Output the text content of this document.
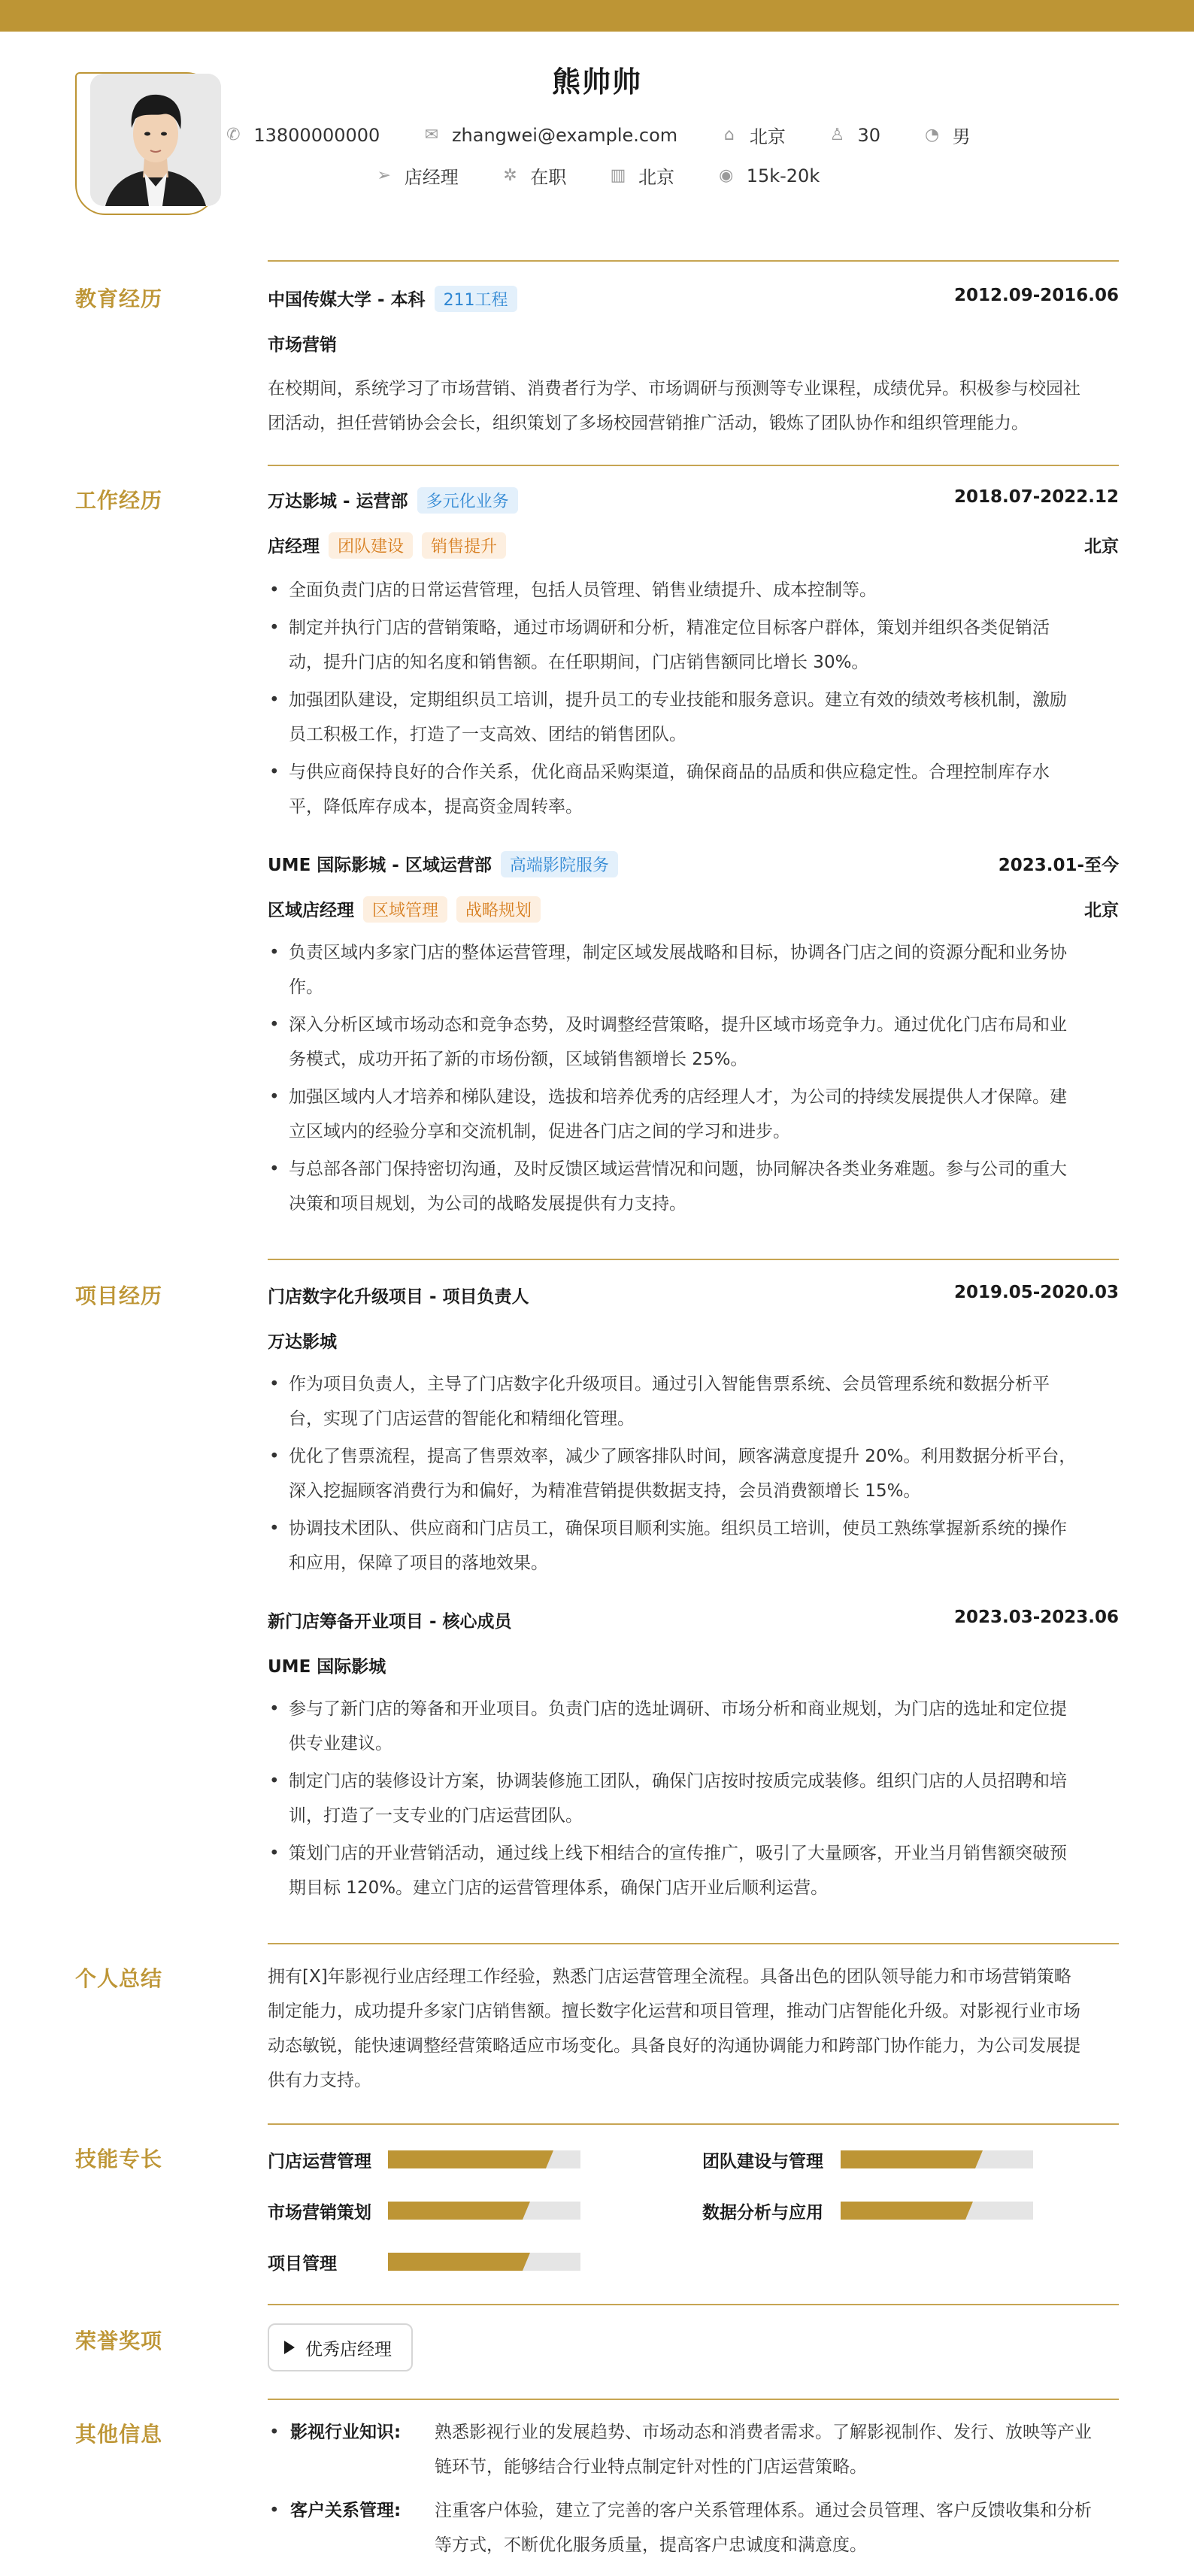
熊帅帅
✆ 13800000000
	✉ zhangwei@example.com
	⌂ 北京
	♙ 30
	◔ 男
➢ 店经理
	✲ 在职
	▥ 北京
	◉ 15k-20k
教育经历	中国传媒大学 - 本科 211工程	2012.09-2016.06
市场营销
在校期间，系统学习了市场营销、消费者行为学、市场调研与预测等专业课程，成绩优异。积极参与校园社
团活动，担任营销协会会长，组织策划了多场校园营销推广活动，锻炼了团队协作和组织管理能力。
工作经历	万达影城 - 运营部 多元化业务	2018.07-2022.12
店经理 团队建设 销售提升	北京
• 全面负责门店的日常运营管理，包括人员管理、销售业绩提升、成本控制等。
• 制定并执行门店的营销策略，通过市场调研和分析，精准定位目标客户群体，策划并组织各类促销活
动，提升门店的知名度和销售额。在任职期间，门店销售额同比增长 30%。
• 加强团队建设，定期组织员工培训，提升员工的专业技能和服务意识。建立有效的绩效考核机制，激励
员工积极工作，打造了一支高效、团结的销售团队。
• 与供应商保持良好的合作关系，优化商品采购渠道，确保商品的品质和供应稳定性。合理控制库存水
平，降低库存成本，提高资金周转率。
UME 国际影城 - 区域运营部 高端影院服务	2023.01-至今
区域店经理 区域管理 战略规划	北京
• 负责区域内多家门店的整体运营管理，制定区域发展战略和目标，协调各门店之间的资源分配和业务协
作。
• 深入分析区域市场动态和竞争态势，及时调整经营策略，提升区域市场竞争力。通过优化门店布局和业
务模式，成功开拓了新的市场份额，区域销售额增长 25%。
• 加强区域内人才培养和梯队建设，选拔和培养优秀的店经理人才，为公司的持续发展提供人才保障。建
立区域内的经验分享和交流机制，促进各门店之间的学习和进步。
• 与总部各部门保持密切沟通，及时反馈区域运营情况和问题，协同解决各类业务难题。参与公司的重大
决策和项目规划，为公司的战略发展提供有力支持。
项目经历	门店数字化升级项目 - 项目负责人	2019.05-2020.03
万达影城
• 作为项目负责人，主导了门店数字化升级项目。通过引入智能售票系统、会员管理系统和数据分析平
台，实现了门店运营的智能化和精细化管理。
• 优化了售票流程，提高了售票效率，减少了顾客排队时间，顾客满意度提升 20%。利用数据分析平台，
深入挖掘顾客消费行为和偏好，为精准营销提供数据支持，会员消费额增长 15%。
• 协调技术团队、供应商和门店员工，确保项目顺利实施。组织员工培训，使员工熟练掌握新系统的操作
和应用，保障了项目的落地效果。
新门店筹备开业项目 - 核心成员	2023.03-2023.06
UME 国际影城
• 参与了新门店的筹备和开业项目。负责门店的选址调研、市场分析和商业规划，为门店的选址和定位提
供专业建议。
• 制定门店的装修设计方案，协调装修施工团队，确保门店按时按质完成装修。组织门店的人员招聘和培
训，打造了一支专业的门店运营团队。
• 策划门店的开业营销活动，通过线上线下相结合的宣传推广，吸引了大量顾客，开业当月销售额突破预
期目标 120%。建立门店的运营管理体系，确保门店开业后顺利运营。
个人总结	拥有[X]年影视行业店经理工作经验，熟悉门店运营管理全流程。具备出色的团队领导能力和市场营销策略
制定能力，成功提升多家门店销售额。擅长数字化运营和项目管理，推动门店智能化升级。对影视行业市场
动态敏锐，能快速调整经营策略适应市场变化。具备良好的沟通协调能力和跨部门协作能力，为公司发展提
供有力支持。
技能专长	门店运营管理	团队建设与管理
市场营销策划	数据分析与应用
项目管理
荣誉奖项	优秀店经理
其他信息	• 影视行业知识: 熟悉影视行业的发展趋势、市场动态和消费者需求。了解影视制作、发行、放映等产业
链环节，能够结合行业特点制定针对性的门店运营策略。
• 客户关系管理: 注重客户体验，建立了完善的客户关系管理体系。通过会员管理、客户反馈收集和分析
等方式，不断优化服务质量，提高客户忠诚度和满意度。
